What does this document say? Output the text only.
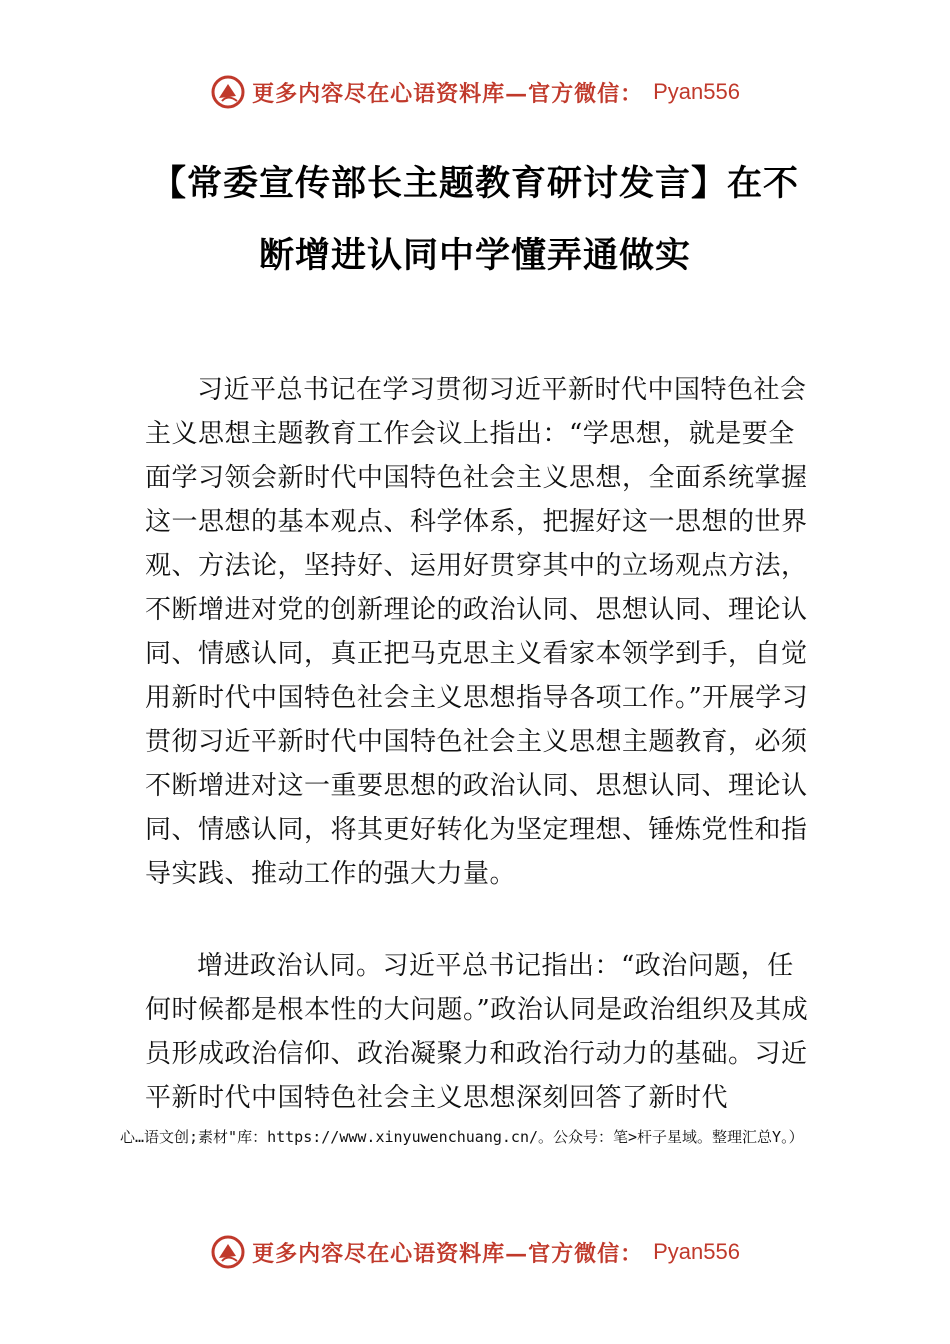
更多内容尽在心语资料库—官方微信： Pyan556
【常委宣传部长主题教育研讨发言】在不断增进认同中学懂弄通做实

习近平总书记在学习贯彻习近平新时代中国特色社会主义思想主题教育工作会议上指出：“学思想，就是要全面学习领会新时代中国特色社会主义思想，全面系统掌握这一思想的基本观点、科学体系，把握好这一思想的世界观、方法论，坚持好、运用好贯穿其中的立场观点方法，不断增进对党的创新理论的政治认同、思想认同、理论认同、情感认同，真正把马克思主义看家本领学到手，自觉用新时代中国特色社会主义思想指导各项工作。”开展学习贯彻习近平新时代中国特色社会主义思想主题教育，必须不断增进对这一重要思想的政治认同、思想认同、理论认同、情感认同，将其更好转化为坚定理想、锤炼党性和指导实践、推动工作的强大力量。

增进政治认同。习近平总书记指出：“政治问题，任何时候都是根本性的大问题。”政治认同是政治组织及其成员形成政治信仰、政治凝聚力和政治行动力的基础。习近平新时代中国特色社会主义思想深刻回答了新时代

心…语文创;素材"库：https://www.xinyuwenchuang.cn/。公众号：笔>杆子星域。整理汇总Y。）
更多内容尽在心语资料库—官方微信： Pyan556
